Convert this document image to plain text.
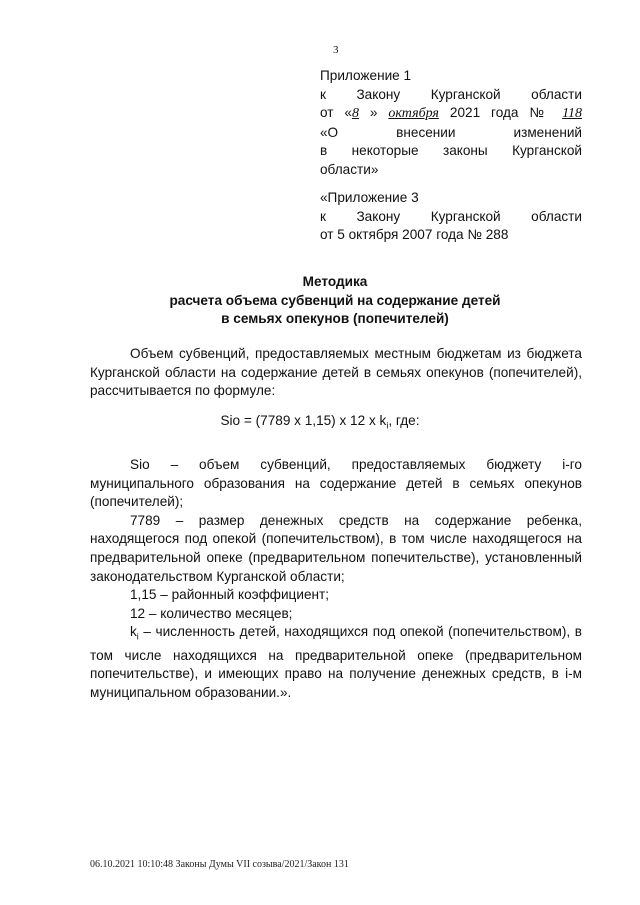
3
Приложение 1
к Закону Курганской области
от «8 » октября 2021 года № 118
«О	внесении	изменений
в некоторые законы Курганской
области»
«Приложение 3
к Закону Курганской области
от 5 октября 2007 года № 288
Методика
расчета объема субвенций на содержание детей
в семьях опекунов (попечителей)
Объем субвенций, предоставляемых местным бюджетам из бюджета Курганской области на содержание детей в семьях опекунов (попечителей), рассчитывается по формуле:
Sio = (7789 х 1,15) х 12 х $k_i$, где:
Sio – объем субвенций, предоставляемых бюджету i-го муниципального образования на содержание детей в семьях опекунов (попечителей);
7789 – размер денежных средств на содержание ребенка, находящегося под опекой (попечительством), в том числе находящегося на предварительной опеке (предварительном попечительстве), установленный законодательством Курганской области;
1,15 – районный коэффициент;
12 – количество месяцев;
$k_i$ – численность детей, находящихся под опекой (попечительством), в том числе находящихся на предварительной опеке (предварительном попечительстве), и имеющих право на получение денежных средств, в i-м муниципальном образовании.».
06.10.2021 10:10:48 Законы Думы VII созыва/2021/Закон 131
